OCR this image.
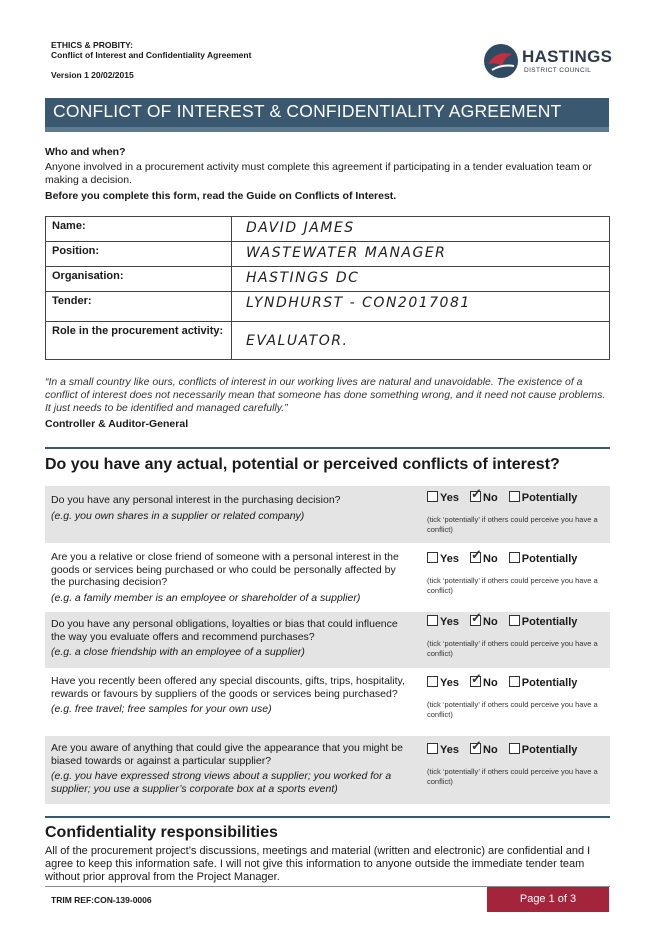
ETHICS & PROBITY:
Conflict of Interest and Confidentiality Agreement
Version 1 20/02/2015
HASTINGS
DISTRICT COUNCIL
CONFLICT OF INTEREST & CONFIDENTIALITY AGREEMENT
Who and when?
Anyone involved in a procurement activity must complete this agreement if participating in a tender evaluation team or making a decision.
Before you complete this form, read the Guide on Conflicts of Interest.
Name:	DAVID JAMES
Position:	WASTEWATER MANAGER
Organisation:	HASTINGS DC
Tender:	LYNDHURST - CON2017081
Role in the procurement activity:	EVALUATOR.
“In a small country like ours, conflicts of interest in our working lives are natural and unavoidable. The existence of a conflict of interest does not necessarily mean that someone has done something wrong, and it need not cause problems. It just needs to be identified and managed carefully.”
Controller & Auditor-General
Do you have any actual, potential or perceived conflicts of interest?
Do you have any personal interest in the purchasing decision?
(e.g. you own shares in a supplier or related company)
Yes ✓ No Potentially
(tick ‘potentially’ if others could perceive you have a conflict)
Are you a relative or close friend of someone with a personal interest in the goods or services being purchased or who could be personally affected by the purchasing decision?
(e.g. a family member is an employee or shareholder of a supplier)
Yes ✓ No Potentially
(tick ‘potentially’ if others could perceive you have a conflict)
Do you have any personal obligations, loyalties or bias that could influence the way you evaluate offers and recommend purchases?
(e.g. a close friendship with an employee of a supplier)
Yes ✓ No Potentially
(tick ‘potentially’ if others could perceive you have a conflict)
Have you recently been offered any special discounts, gifts, trips, hospitality, rewards or favours by suppliers of the goods or services being purchased?
(e.g. free travel; free samples for your own use)
Yes ✓ No Potentially
(tick ‘potentially’ if others could perceive you have a conflict)
Are you aware of anything that could give the appearance that you might be biased towards or against a particular supplier?
(e.g. you have expressed strong views about a supplier; you worked for a supplier; you use a supplier’s corporate box at a sports event)
Yes ✓ No Potentially
(tick ‘potentially’ if others could perceive you have a conflict)
Confidentiality responsibilities
All of the procurement project’s discussions, meetings and material (written and electronic) are confidential and I agree to keep this information safe. I will not give this information to anyone outside the immediate tender team without prior approval from the Project Manager.
TRIM REF:CON-139-0006	Page 1 of 3
